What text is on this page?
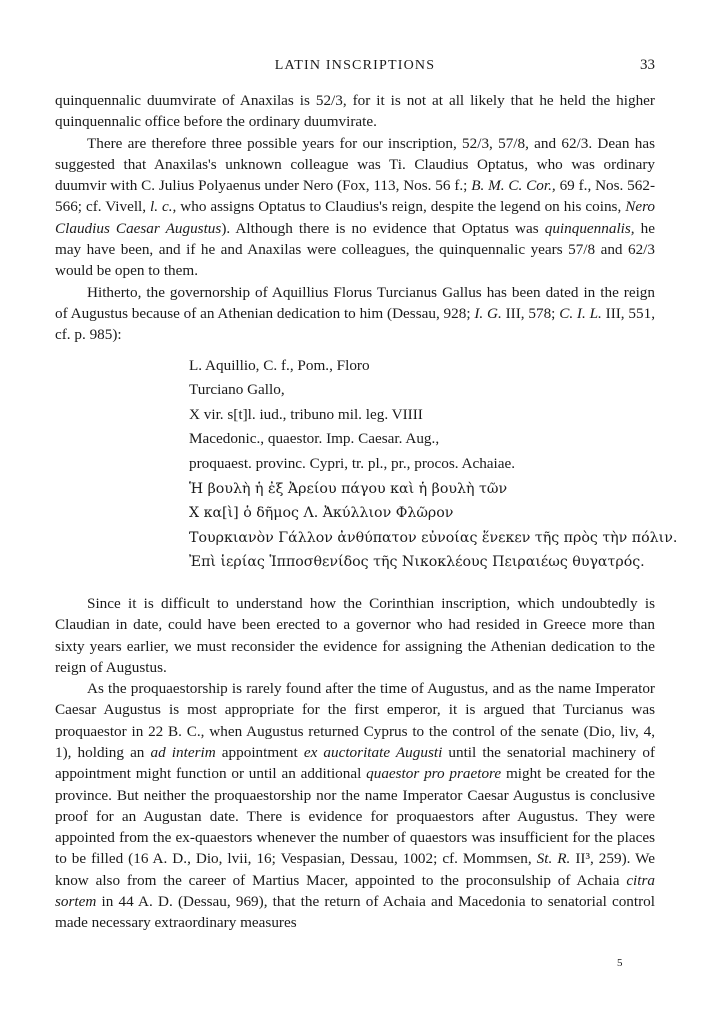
LATIN INSCRIPTIONS	33

quinquennalic duumvirate of Anaxilas is 52/3, for it is not at all likely that he held the higher quinquennalic office before the ordinary duumvirate.

There are therefore three possible years for our inscription, 52/3, 57/8, and 62/3. Dean has suggested that Anaxilas's unknown colleague was Ti. Claudius Optatus, who was ordinary duumvir with C. Julius Polyaenus under Nero (Fox, 113, Nos. 56 f.; B. M. C. Cor., 69 f., Nos. 562-566; cf. Vivell, l. c., who assigns Optatus to Claudius's reign, despite the legend on his coins, Nero Claudius Caesar Augustus). Although there is no evidence that Optatus was quinquennalis, he may have been, and if he and Anaxilas were colleagues, the quinquennalic years 57/8 and 62/3 would be open to them.

Hitherto, the governorship of Aquillius Florus Turcianus Gallus has been dated in the reign of Augustus because of an Athenian dedication to him (Dessau, 928; I. G. III, 578; C. I. L. III, 551, cf. p. 985):

L. Aquillio, C. f., Pom., Floro
Turciano Gallo,
X vir. s[t]l. iud., tribuno mil. leg. VIIII
Macedonic., quaestor. Imp. Caesar. Aug.,
proquaest. provinc. Cypri, tr. pl., pr., procos. Achaiae.
Ἡ βουλὴ ἡ ἐξ Ἀρείου πάγου καὶ ἡ βουλὴ τῶν
X κα[ὶ] ὁ δῆμος Λ. Ἀκύλλιον Φλῶρον
Τουρκιανὸν Γάλλον ἀνθύπατον εὐνοίας ἕνεκεν τῆς πρὸς τὴν πόλιν.
Ἐπὶ ἱερίας Ἱπποσθενίδος τῆς Νικοκλέους Πειραιέως θυγατρός.

Since it is difficult to understand how the Corinthian inscription, which undoubtedly is Claudian in date, could have been erected to a governor who had resided in Greece more than sixty years earlier, we must reconsider the evidence for assigning the Athenian dedication to the reign of Augustus.

As the proquaestorship is rarely found after the time of Augustus, and as the name Imperator Caesar Augustus is most appropriate for the first emperor, it is argued that Turcianus was proquaestor in 22 B. C., when Augustus returned Cyprus to the control of the senate (Dio, liv, 4, 1), holding an ad interim appointment ex auctoritate Augusti until the senatorial machinery of appointment might function or until an additional quaestor pro praetore might be created for the province. But neither the proquaestorship nor the name Imperator Caesar Augustus is conclusive proof for an Augustan date. There is evidence for proquaestors after Augustus. They were appointed from the ex-quaestors whenever the number of quaestors was insufficient for the places to be filled (16 A. D., Dio, lvii, 16; Vespasian, Dessau, 1002; cf. Mommsen, St. R. II³, 259). We know also from the career of Martius Macer, appointed to the proconsulship of Achaia citra sortem in 44 A. D. (Dessau, 969), that the return of Achaia and Macedonia to senatorial control made necessary extraordinary measures

5
